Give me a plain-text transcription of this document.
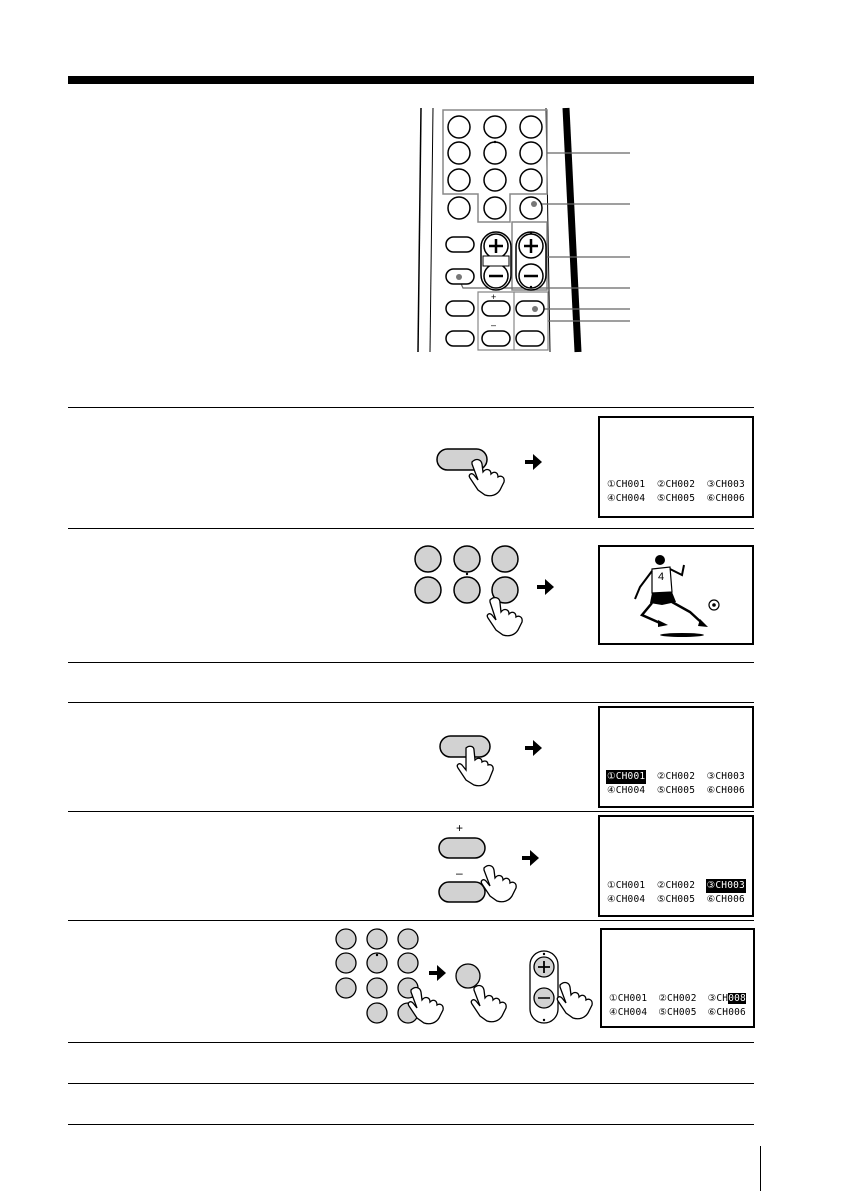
+
–
①CH001 ②CH002 ③CH003
④CH004 ⑤CH005 ⑥CH006
4
①CH001 ②CH002 ③CH003
④CH004 ⑤CH005 ⑥CH006
+
–
①CH001 ②CH002 ③CH003
④CH004 ⑤CH005 ⑥CH006
①CH001 ②CH002 ③CH008
④CH004 ⑤CH005 ⑥CH006
